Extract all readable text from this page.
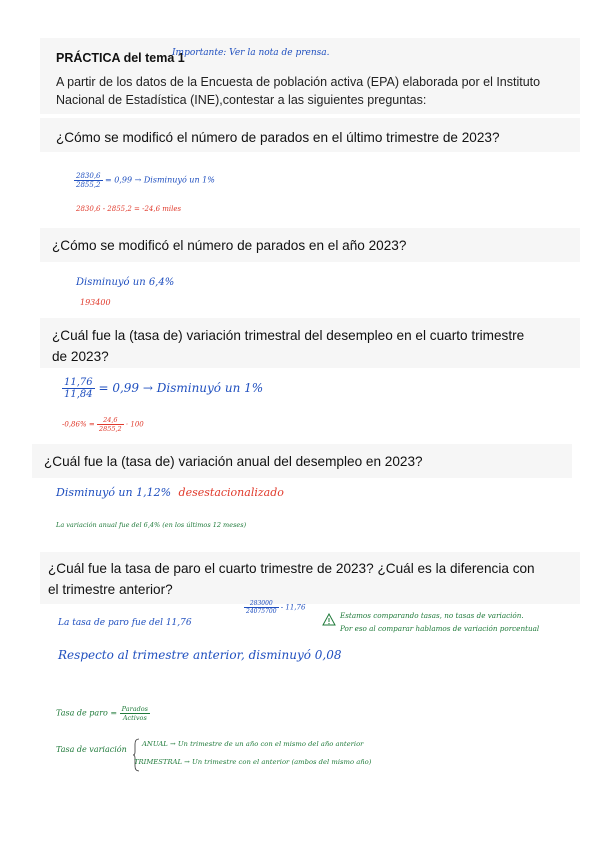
PRÁCTICA del tema 1
Importante: Ver la nota de prensa.
A partir de los datos de la Encuesta de población activa (EPA) elaborada por el Instituto Nacional de Estadística (INE),contestar a las siguientes preguntas:
¿Cómo se modificó el número de parados en el último trimestre de 2023?
$\frac{2830,6}{2855,2} = 0,99$ → Disminuyó un 1%
2830,6 - 2855,2 = -24,6 miles
¿Cómo se modificó el número de parados en el año 2023?
Disminuyó un 6,4%
193400
¿Cuál fue la (tasa de) variación trimestral del desempleo en el cuarto trimestre de 2023?
$\frac{11,76}{11,84} = 0,99$ → Disminuyó un 1%
$-0,86\% = \frac{24,6}{2855,2} \cdot 100$
¿Cuál fue la (tasa de) variación anual del desempleo en 2023?
Disminuyó un 1,12% desestacionalizado
La variación anual fue del 6,4% (en los últimos 12 meses)
¿Cuál fue la tasa de paro el cuarto trimestre de 2023? ¿Cuál es la diferencia con el trimestre anterior?
$\frac{283000}{24075700} - 11,76$
La tasa de paro fue del 11,76
Estamos comparando tasas, no tasas de variación.
Por eso al comparar hablamos de variación porcentual
Respecto al trimestre anterior, disminuyó 0,08
Tasa de paro = $\frac{\text{Parados}}{\text{Activos}}$
Tasa de variación
ANUAL → Un trimestre de un año con el mismo del año anterior
TRIMESTRAL → Un trimestre con el anterior (ambos del mismo año)
